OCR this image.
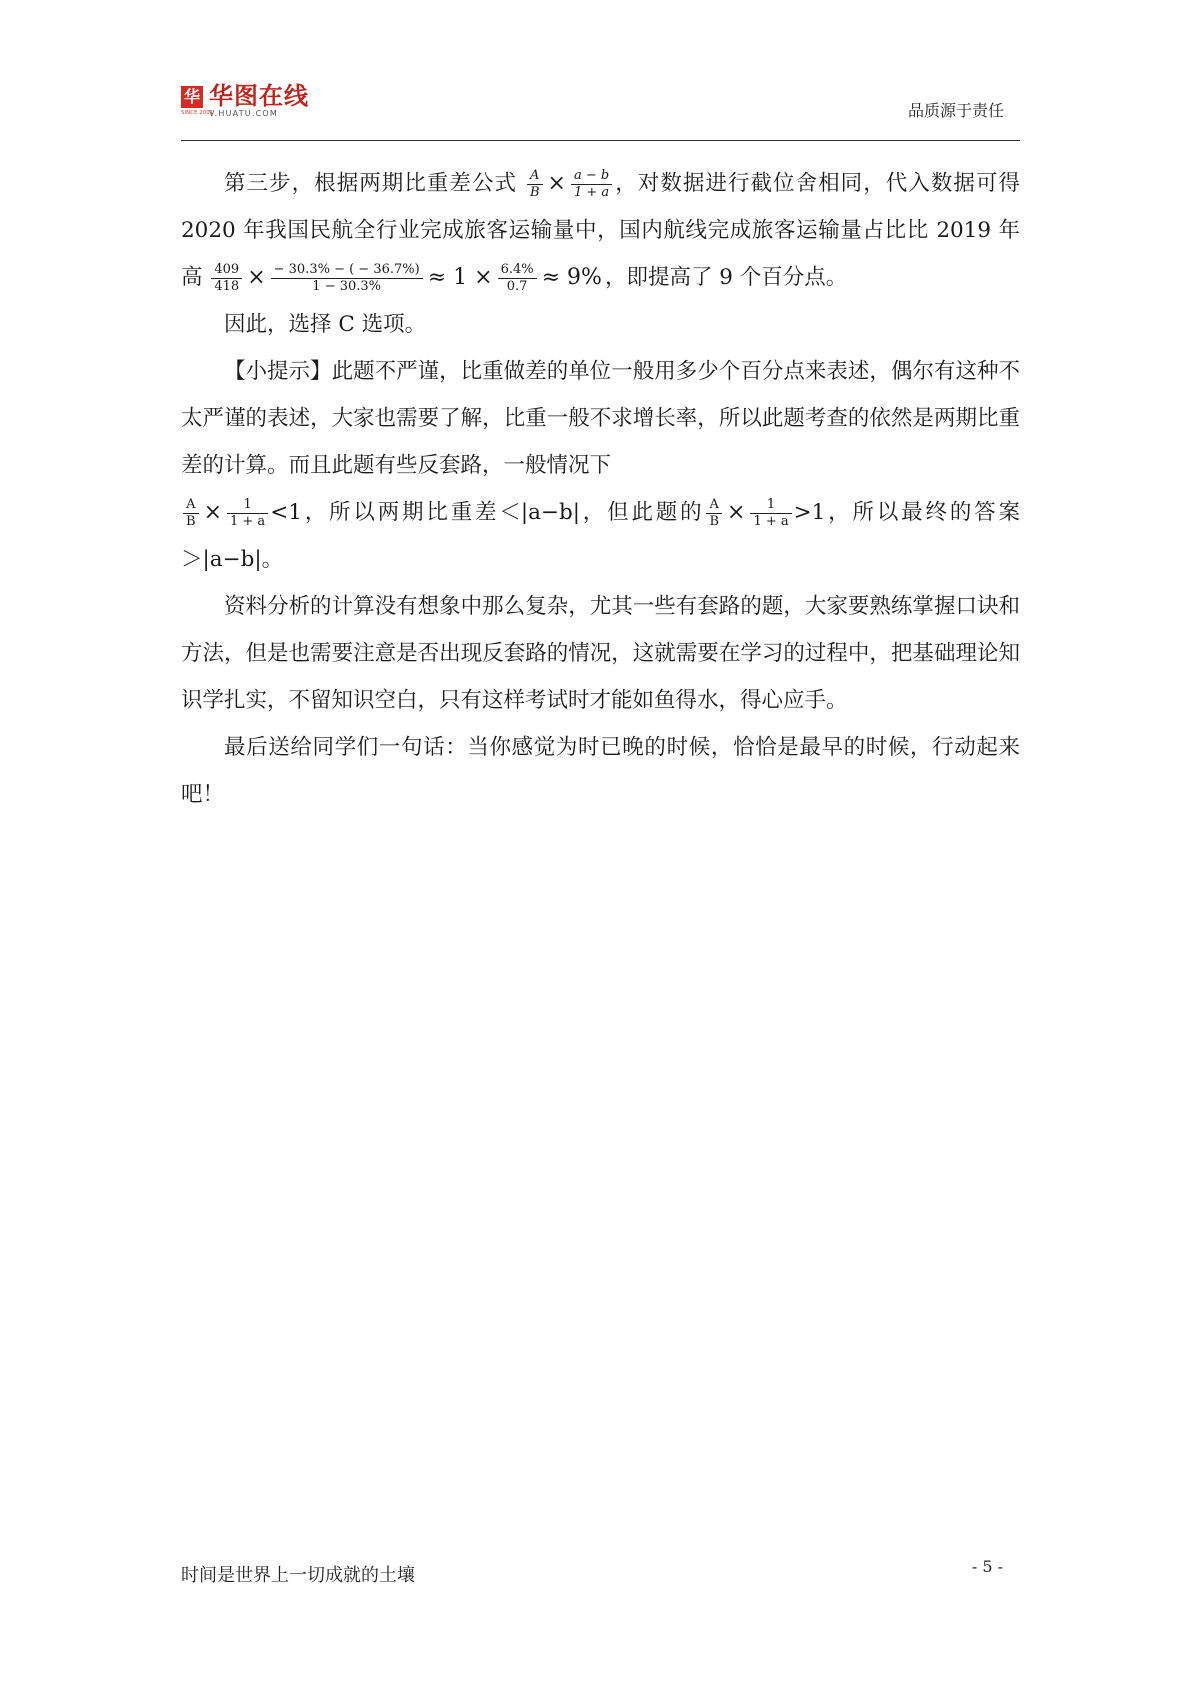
华
SINCE 2001
华图在线
V.HUATU.COM	品质源于责任

第三步，根据两期比重差公式 $\frac{A}{B} \times \frac{a - b}{1 + a}$ ，对数据进行截位舍相同，代入数据可得 2020 年我国民航全行业完成旅客运输量中，国内航线完成旅客运输量占比比 2019 年高 $\frac{409}{418} \times \frac{- 30.3\% - ( - 36.7\%)}{1 - 30.3\%} \approx 1 \times \frac{6.4\%}{0.7} \approx 9\%$ ，即提高了 9 个百分点。

因此，选择 C 选项。

【小提示】此题不严谨，比重做差的单位一般用多少个百分点来表述，偶尔有这种不太严谨的表述，大家也需要了解，比重一般不求增长率，所以此题考查的依然是两期比重差的计算。而且此题有些反套路，一般情况下

$\frac{A}{B} \times \frac{1}{1 + a} <1$，所以两期比重差＜|a−b|，但此题的 $\frac{A}{B} \times \frac{1}{1 + a} >1$，所以最终的答案＞|a−b|。

资料分析的计算没有想象中那么复杂，尤其一些有套路的题，大家要熟练掌握口诀和方法，但是也需要注意是否出现反套路的情况，这就需要在学习的过程中，把基础理论知识学扎实，不留知识空白，只有这样考试时才能如鱼得水，得心应手。

最后送给同学们一句话：当你感觉为时已晚的时候，恰恰是最早的时候，行动起来吧！

时间是世界上一切成就的土壤	- 5 -
